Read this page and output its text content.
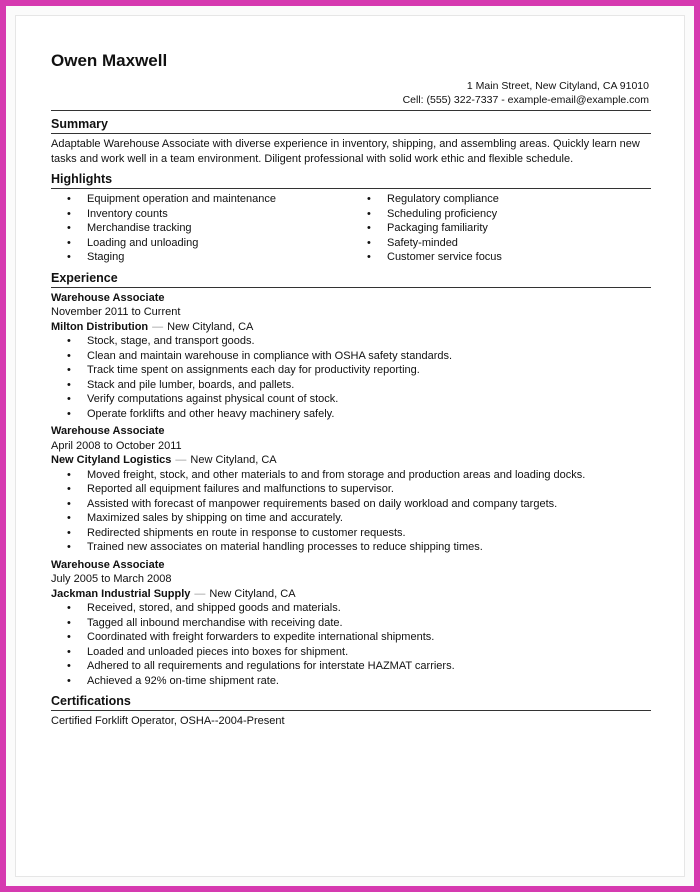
Owen Maxwell
1 Main Street, New Cityland, CA 91010
Cell: (555) 322-7337 - example-email@example.com
Summary
Adaptable Warehouse Associate with diverse experience in inventory, shipping, and assembling areas. Quickly learn new tasks and work well in a team environment. Diligent professional with solid work ethic and flexible schedule.
Highlights
• Equipment operation and maintenance
• Inventory counts
• Merchandise tracking
• Loading and unloading
• Staging
• Regulatory compliance
• Scheduling proficiency
• Packaging familiarity
• Safety-minded
• Customer service focus
Experience
Warehouse Associate
November 2011 to Current
Milton Distribution — New Cityland, CA
• Stock, stage, and transport goods.
• Clean and maintain warehouse in compliance with OSHA safety standards.
• Track time spent on assignments each day for productivity reporting.
• Stack and pile lumber, boards, and pallets.
• Verify computations against physical count of stock.
• Operate forklifts and other heavy machinery safely.
Warehouse Associate
April 2008 to October 2011
New Cityland Logistics — New Cityland, CA
• Moved freight, stock, and other materials to and from storage and production areas and loading docks.
• Reported all equipment failures and malfunctions to supervisor.
• Assisted with forecast of manpower requirements based on daily workload and company targets.
• Maximized sales by shipping on time and accurately.
• Redirected shipments en route in response to customer requests.
• Trained new associates on material handling processes to reduce shipping times.
Warehouse Associate
July 2005 to March 2008
Jackman Industrial Supply — New Cityland, CA
• Received, stored, and shipped goods and materials.
• Tagged all inbound merchandise with receiving date.
• Coordinated with freight forwarders to expedite international shipments.
• Loaded and unloaded pieces into boxes for shipment.
• Adhered to all requirements and regulations for interstate HAZMAT carriers.
• Achieved a 92% on-time shipment rate.
Certifications
Certified Forklift Operator, OSHA--2004-Present
